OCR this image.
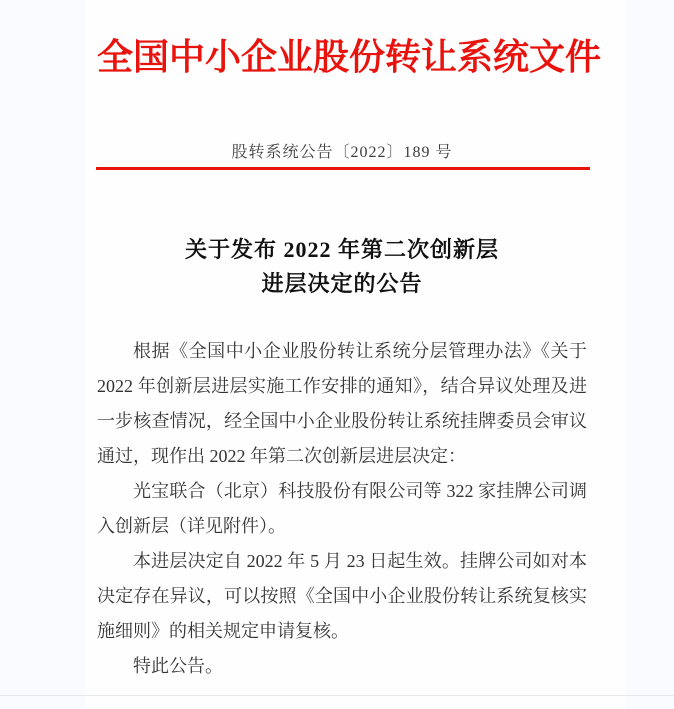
全国中小企业股份转让系统文件
股转系统公告〔2022〕189 号
关于发布 2022 年第二次创新层
进层决定的公告

根据《全国中小企业股份转让系统分层管理办法》《关于 2022 年创新层进层实施工作安排的通知》，结合异议处理及进一步核查情况，经全国中小企业股份转让系统挂牌委员会审议通过，现作出 2022 年第二次创新层进层决定：

光宝联合（北京）科技股份有限公司等 322 家挂牌公司调入创新层（详见附件）。

本进层决定自 2022 年 5 月 23 日起生效。挂牌公司如对本决定存在异议，可以按照《全国中小企业股份转让系统复核实施细则》的相关规定申请复核。

特此公告。
